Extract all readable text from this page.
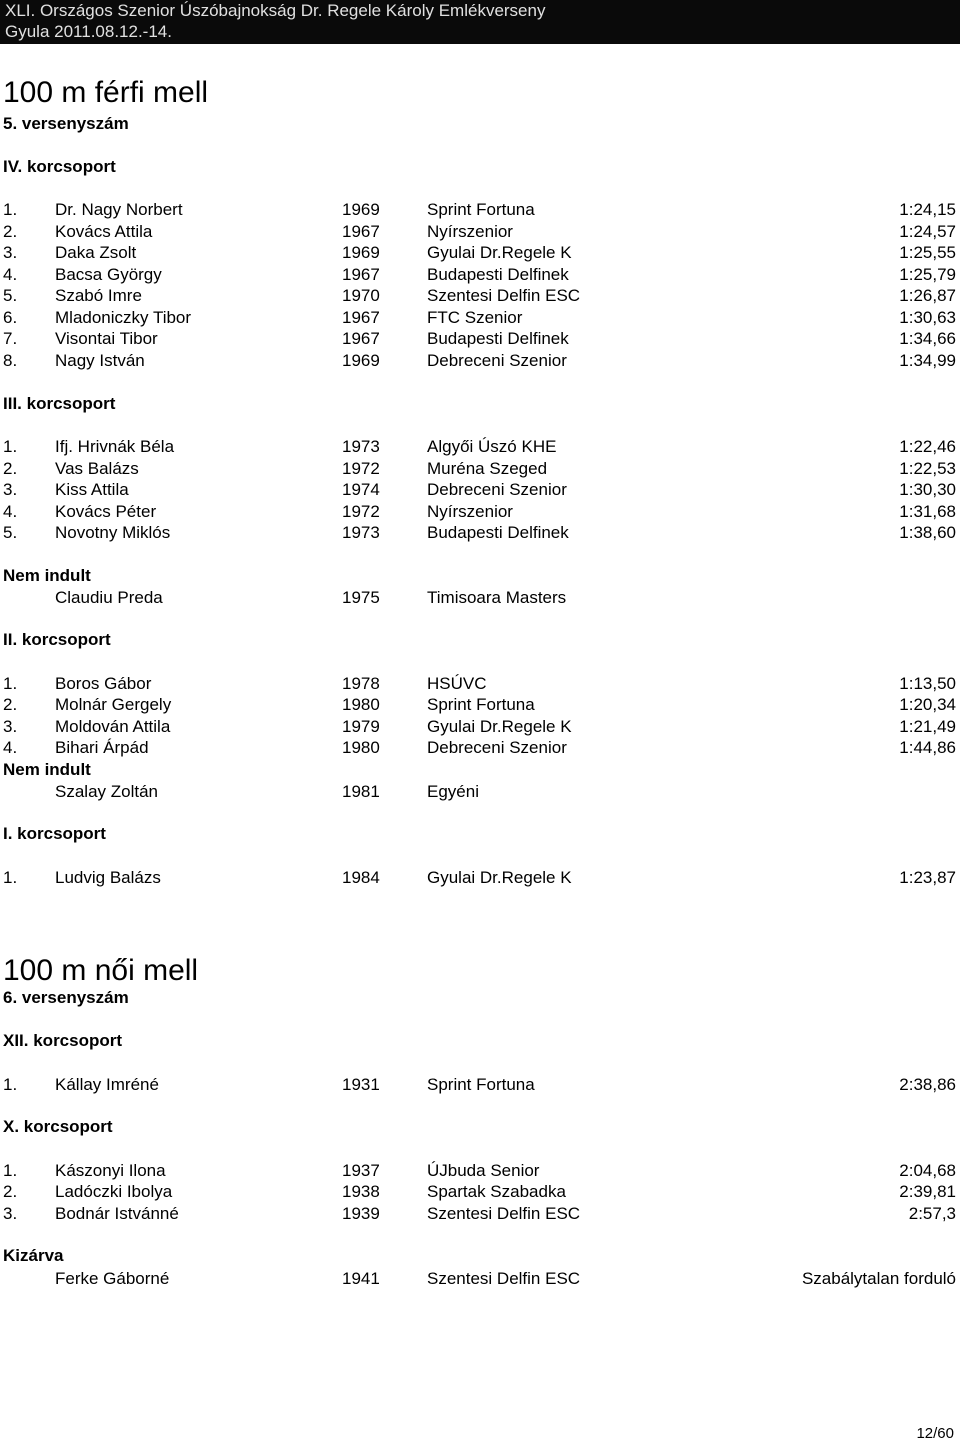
XLI. Országos Szenior Úszóbajnokság Dr. Regele Károly Emlékverseny
Gyula 2011.08.12.-14.
100 m férfi mell
5. versenyszám
IV. korcsoport
1. Dr. Nagy Norbert	1969	Sprint Fortuna	1:24,15
2. Kovács Attila	1967	Nyírszenior	1:24,57
3. Daka Zsolt	1969	Gyulai Dr.Regele K	1:25,55
4. Bacsa György	1967	Budapesti Delfinek	1:25,79
5. Szabó Imre	1970	Szentesi Delfin ESC	1:26,87
6. Mladoniczky Tibor	1967	FTC Szenior	1:30,63
7. Visontai Tibor	1967	Budapesti Delfinek	1:34,66
8. Nagy István	1969	Debreceni Szenior	1:34,99
III. korcsoport
1. Ifj. Hrivnák Béla	1973	Algyői Úszó KHE	1:22,46
2. Vas Balázs	1972	Muréna Szeged	1:22,53
3. Kiss Attila	1974	Debreceni Szenior	1:30,30
4. Kovács Péter	1972	Nyírszenior	1:31,68
5. Novotny Miklós	1973	Budapesti Delfinek	1:38,60
Nem indult
Claudiu Preda	1975	Timisoara Masters
II. korcsoport
1. Boros Gábor	1978	HSÚVC	1:13,50
2. Molnár Gergely	1980	Sprint Fortuna	1:20,34
3. Moldován Attila	1979	Gyulai Dr.Regele K	1:21,49
4. Bihari Árpád	1980	Debreceni Szenior	1:44,86
Nem indult
Szalay Zoltán	1981	Egyéni
I. korcsoport
1. Ludvig Balázs	1984	Gyulai Dr.Regele K	1:23,87
100 m női mell
6. versenyszám
XII. korcsoport
1. Kállay Imréné	1931	Sprint Fortuna	2:38,86
X. korcsoport
1. Kászonyi Ilona	1937	ÚJbuda Senior	2:04,68
2. Ladóczki Ibolya	1938	Spartak Szabadka	2:39,81
3. Bodnár Istvánné	1939	Szentesi Delfin ESC	2:57,3
Kizárva
Ferke Gáborné	1941	Szentesi Delfin ESC	Szabálytalan forduló
12/60
